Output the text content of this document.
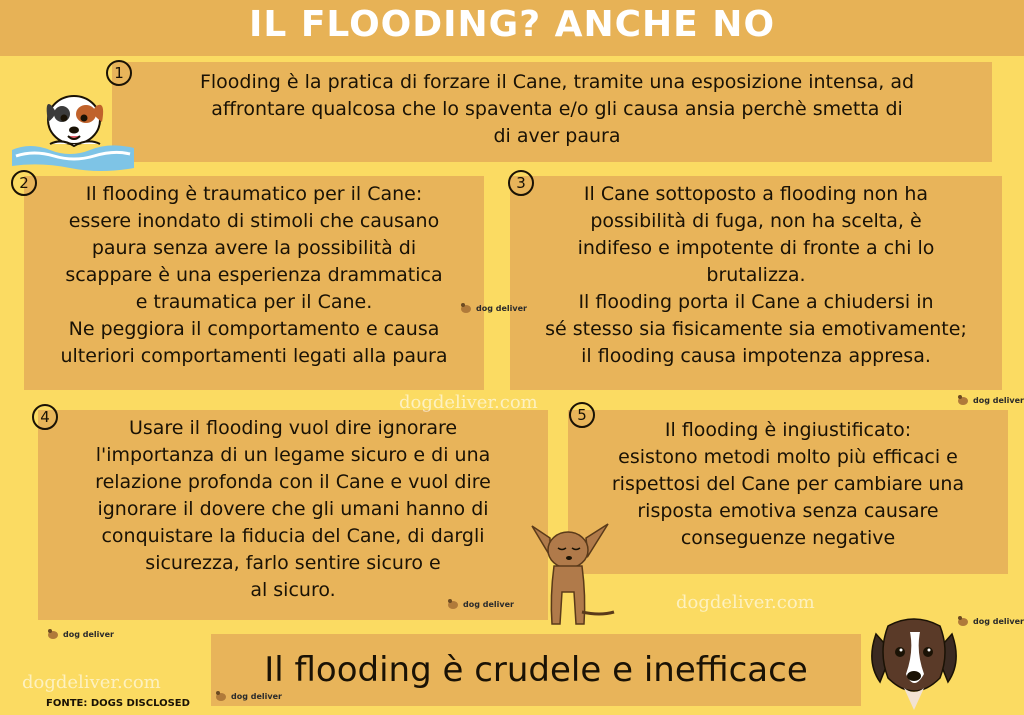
IL FLOODING? ANCHE NO
Flooding è la pratica di forzare il Cane, tramite una esposizione intensa, ad
affrontare qualcosa che lo spaventa e/o gli causa ansia perchè smetta di
di aver paura
1
Il flooding è traumatico per il Cane:
essere inondato di stimoli che causano
paura senza avere la possibilità di
scappare è una esperienza drammatica
e traumatica per il Cane.
Ne peggiora il comportamento e causa
ulteriori comportamenti legati alla paura
2	Il Cane sottoposto a flooding non ha
possibilità di fuga, non ha scelta, è
indifeso e impotente di fronte a chi lo
brutalizza.
Il flooding porta il Cane a chiudersi in
sé stesso sia fisicamente sia emotivamente;
il flooding causa impotenza appresa.
3
Usare il flooding vuol dire ignorare
l'importanza di un legame sicuro e di una
relazione profonda con il Cane e vuol dire
ignorare il dovere che gli umani hanno di
conquistare la fiducia del Cane, di dargli
sicurezza, farlo sentire sicuro e
al sicuro.
4
Il flooding è ingiustificato:
esistono metodi molto più efficaci e
rispettosi del Cane per cambiare una
risposta emotiva senza causare
conseguenze negative
5
Il flooding è crudele e inefficace
FONTE: DOGS DISCLOSED
dogdeliver.com
dogdeliver.com
dogdeliver.com
dog deliver
dog deliver
dog deliver
dog deliver
dog deliver
dog deliver
